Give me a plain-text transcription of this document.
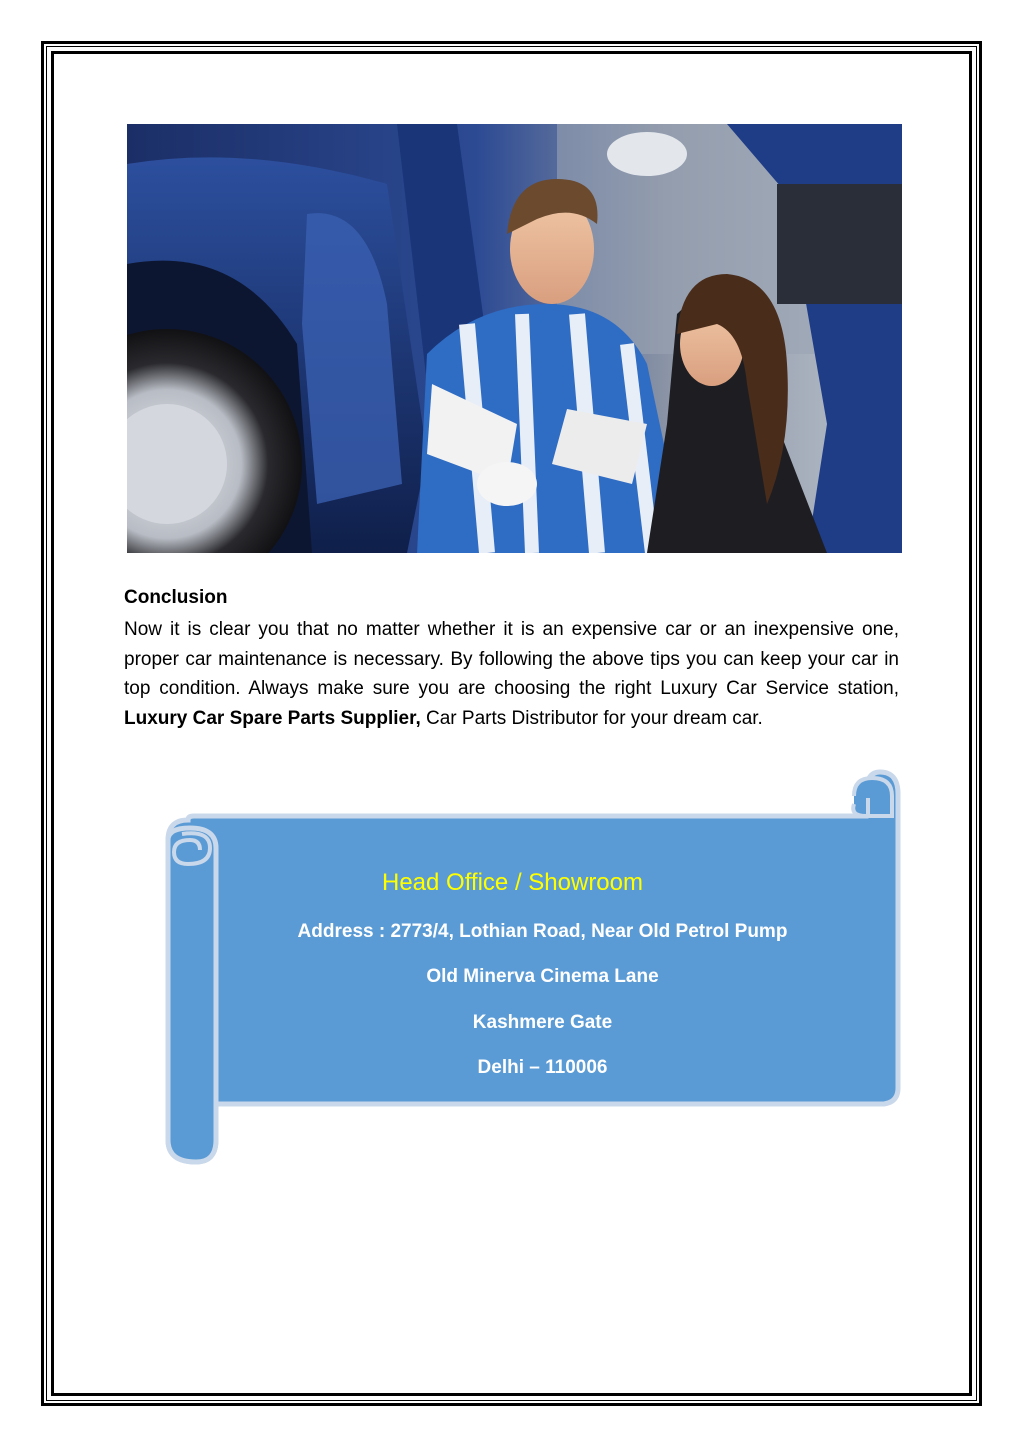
Conclusion

Now it is clear you that no matter whether it is an expensive car or an inexpensive one, proper car maintenance is necessary. By following the above tips you can keep your car in top condition. Always make sure you are choosing the right Luxury Car Service station, Luxury Car Spare Parts Supplier, Car Parts Distributor for your dream car.

Head Office / Showroom
Address : 2773/4, Lothian Road, Near Old Petrol Pump
Old Minerva Cinema Lane
Kashmere Gate
Delhi – 110006
